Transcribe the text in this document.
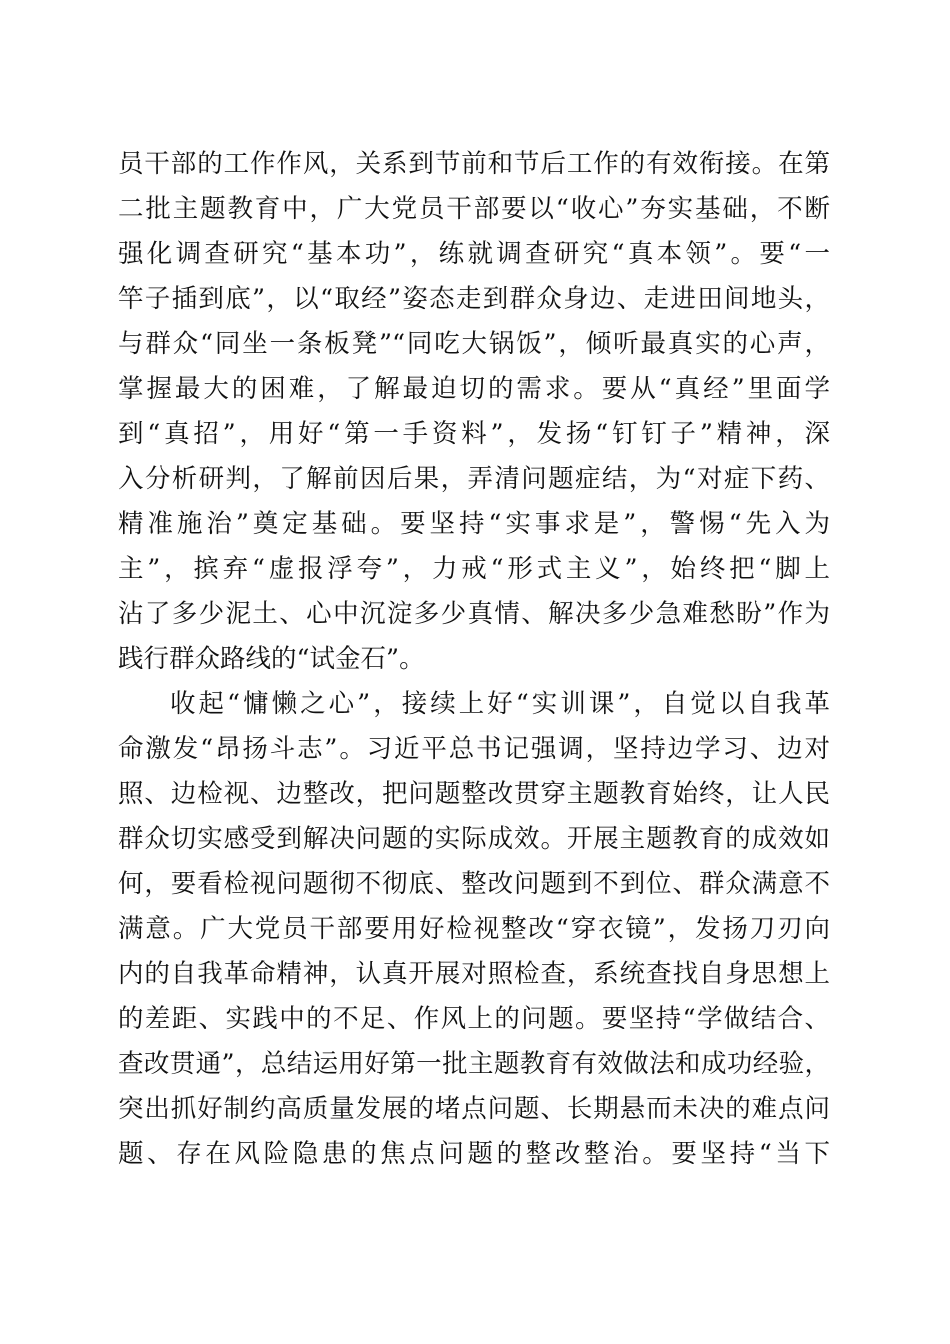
员干部的工作作风，关系到节前和节后工作的有效衔接。在第
二批主题教育中，广大党员干部要以“收心”夯实基础，不断
强化调查研究“基本功”，练就调查研究“真本领”。要“一
竿子插到底”，以“取经”姿态走到群众身边、走进田间地头，
与群众“同坐一条板凳”“同吃大锅饭”，倾听最真实的心声，
掌握最大的困难，了解最迫切的需求。要从“真经”里面学
到“真招”，用好“第一手资料”，发扬“钉钉子”精神，深
入分析研判，了解前因后果，弄清问题症结，为“对症下药、
精准施治”奠定基础。要坚持“实事求是”，警惕“先入为
主”，摈弃“虚报浮夸”，力戒“形式主义”，始终把“脚上
沾了多少泥土、心中沉淀多少真情、解决多少急难愁盼”作为
践行群众路线的“试金石”。
收起“慵懒之心”，接续上好“实训课”，自觉以自我革
命激发“昂扬斗志”。习近平总书记强调，坚持边学习、边对
照、边检视、边整改，把问题整改贯穿主题教育始终，让人民
群众切实感受到解决问题的实际成效。开展主题教育的成效如
何，要看检视问题彻不彻底、整改问题到不到位、群众满意不
满意。广大党员干部要用好检视整改“穿衣镜”，发扬刀刃向
内的自我革命精神，认真开展对照检查，系统查找自身思想上
的差距、实践中的不足、作风上的问题。要坚持“学做结合、
查改贯通”，总结运用好第一批主题教育有效做法和成功经验，
突出抓好制约高质量发展的堵点问题、长期悬而未决的难点问
题、存在风险隐患的焦点问题的整改整治。要坚持“当下
